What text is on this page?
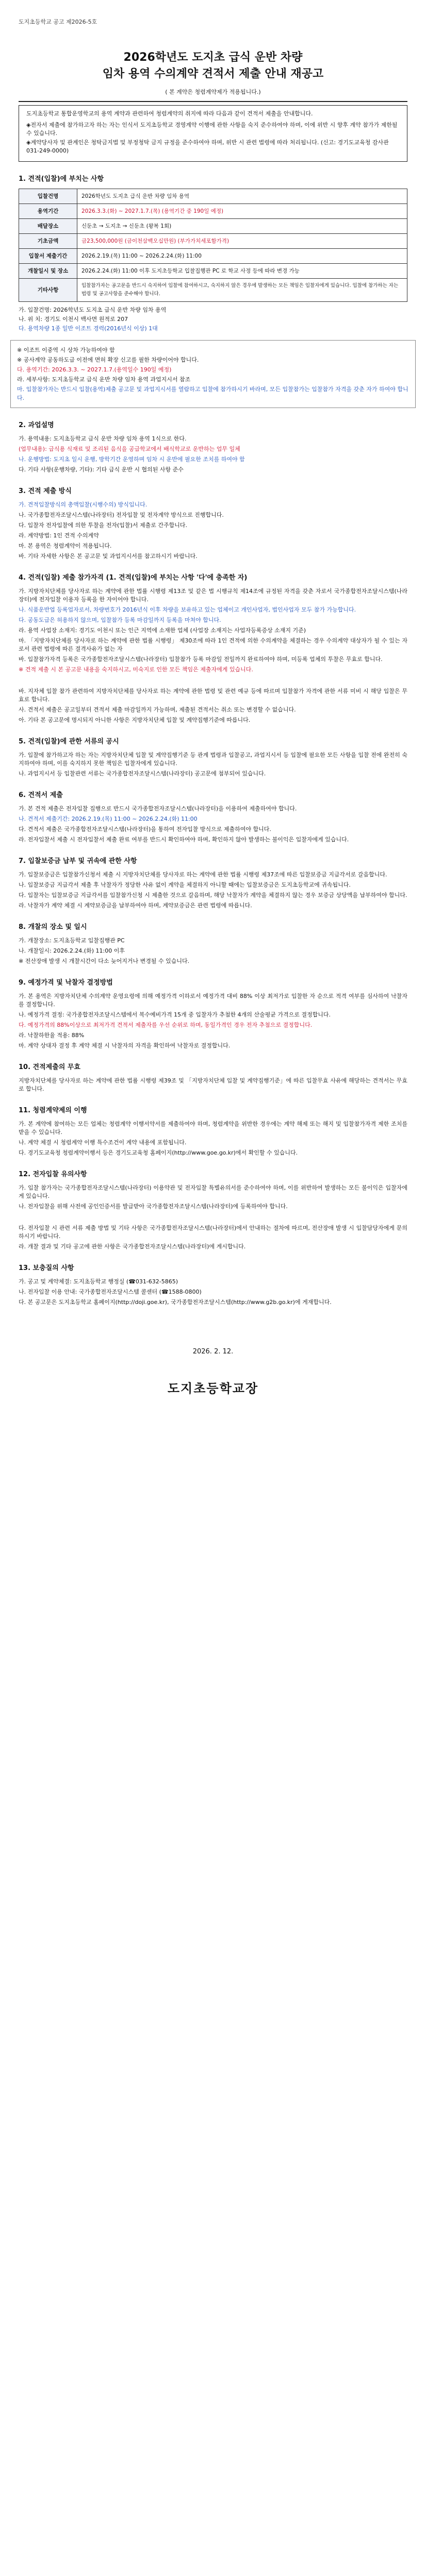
도지초등학교 공고 제2026-5호
2026학년도 도지초 급식 운반 차량
임차 용역 수의계약 견적서 제출 안내 재공고
( 본 계약은 청렴계약제가 적용됩니다.)

도지초등학교 통합운영학교의 용역 계약과 관련하여 청렴계약의 취지에 따라 다음과 같이 견적서 제출을 안내합니다.

◈전자서 제출에 참가하고자 하는 자는 인식서 도지초등학교 경영계약 이행에 관한 사항을 숙지 준수하여야 하며, 이에 위반 시 향후 계약 참가가 제한될 수 있습니다.

◈계약당사자 및 관계인은 청탁금지법 및 부정청탁 금지 규정을 준수하여야 하며, 위반 시 관련 법령에 따라 처리됩니다. (신고: 경기도교육청 감사관 031-249-0000)

1. 견적(입찰)에 부치는 사항
입찰건명	2026학년도 도지초 급식 운반 차량 임차 용역
용역기간	2026.3.3.(화) ~ 2027.1.7.(목) (용역기간 중 190일 예정)
배달장소	신둔초 → 도지초 → 신둔초 (왕복 1회)
기초금액	금23,500,000원 (금이천삼백오십만원) (부가가치세포함가격)
입찰서 제출기간	2026.2.19.(목) 11:00 ~ 2026.2.24.(화) 11:00
개찰일시 및 장소	2026.2.24.(화) 11:00 이후 도지초등학교 입찰집행관 PC 로 학교 사정 등에 따라 변경 가능
기타사항	입찰참가자는 공고문을 반드시 숙지하여 입찰에 참여하시고, 숙지하지 않은 경우에 발생하는 모든 책임은 입찰자에게 있습니다. 입찰에 참가하는 자는 법령 및 공고사항을 준수해야 합니다.

가. 입찰건명: 2026학년도 도지초 급식 운반 차량 임차 용역

나. 위 치: 경기도 이천시 백사면 원적로 207

다. 용역차량 1종 일반 이조트 경력(2016년식 이상) 1대

※ 이조트 이중역 시 상차 가능하여야 함

※ 공사계약 공동하도급 이전에 면허 확장 신고를 필한 차량이어야 합니다.

다. 용역기간: 2026.3.3. ~ 2027.1.7.(용역일수 190일 예정)

라. 세부사항: 도지초등학교 급식 운반 차량 임차 용역 과업지시서 참조

마. 입찰참가자는 반드시 입찰(용역)제출 공고문 및 과업지시서를 열람하고 입찰에 참가하시기 바라며, 모든 입찰참가는 입찰참가 자격을 갖춘 자가 하여야 합니다.

2. 과업설명

가. 용역내용: 도지초등학교 급식 운반 차량 임차 용역 1식으로 한다.

(업무내용): 급식용 식재료 및 조리된 음식을 공급학교에서 배식학교로 운반하는 업무 일체

나. 운행방법: 도지초 일시 운행, 방학기간 운영하며 임차 시 운반에 필요한 조치를 하여야 함

다. 기타 사항(운행차량, 기타): 기타 급식 운반 시 협의된 사항 준수

3. 견적 제출 방식

가. 견적입찰방식의 총액입찰(시행수의) 방식입니다.

나. 국가종합전자조달시스템(나라장터) 전자입찰 및 전자계약 방식으로 진행합니다.

다. 입찰자 전자입찰에 의한 투찰을 전자(입찰)서 제출로 간주합니다.

라. 계약방법: 1인 견적 수의계약

마. 본 용역은 청렴계약이 적용됩니다.

바. 기타 자세한 사항은 본 공고문 및 과업지시서를 참고하시기 바랍니다.

4. 견적(입찰) 제출 참가자격 (1. 견적(입찰)에 부치는 사항 '다'에 충족한 자)

가. 지방자치단체를 당사자로 하는 계약에 관한 법률 시행령 제13조 및 같은 법 시행규칙 제14조에 규정된 자격을 갖춘 자로서 국가종합전자조달시스템(나라장터)에 전자입찰 이용자 등록을 한 자이어야 합니다.

나. 식품운반업 등록업자로서, 차량번호가 2016년식 이후 차량을 보유하고 있는 업체이고 개인사업자, 법인사업자 모두 참가 가능합니다.

다. 공동도급은 허용하지 않으며, 입찰참가 등록 마감일까지 등록을 마쳐야 합니다.

라. 용역 사업장 소재지: 경기도 이천시 또는 인근 지역에 소재한 업체 (사업장 소재지는 사업자등록증상 소재지 기준)

마. 「지방자치단체를 당사자로 하는 계약에 관한 법률 시행령」 제30조에 따라 1인 견적에 의한 수의계약을 체결하는 경우 수의계약 대상자가 될 수 있는 자로서 관련 법령에 따른 결격사유가 없는 자

바. 입찰참가자격 등록은 국가종합전자조달시스템(나라장터) 입찰참가 등록 마감일 전일까지 완료하여야 하며, 미등록 업체의 투찰은 무효로 합니다.

※ 견적 제출 시 본 공고문 내용을 숙지하시고, 미숙지로 인한 모든 책임은 제출자에게 있습니다.

바. 지자체 입찰 참가 관련하여 지방자치단체를 당사자로 하는 계약에 관한 법령 및 관련 예규 등에 따르며 입찰참가 자격에 관한 서류 미비 시 해당 입찰은 무효로 합니다.

사. 견적서 제출은 공고일부터 견적서 제출 마감일까지 가능하며, 제출된 견적서는 취소 또는 변경할 수 없습니다.

아. 기타 본 공고문에 명시되지 아니한 사항은 지방자치단체 입찰 및 계약집행기준에 따릅니다.

5. 견적(입찰)에 관한 서류의 공시

가. 입찰에 참가하고자 하는 자는 지방자치단체 입찰 및 계약집행기준 등 관계 법령과 입찰공고, 과업지시서 등 입찰에 필요한 모든 사항을 입찰 전에 완전히 숙지하여야 하며, 이를 숙지하지 못한 책임은 입찰자에게 있습니다.

나. 과업지시서 등 입찰관련 서류는 국가종합전자조달시스템(나라장터) 공고문에 첨부되어 있습니다.

6. 견적서 제출

가. 본 견적 제출은 전자입찰 집행으로 반드시 국가종합전자조달시스템(나라장터)을 이용하여 제출하여야 합니다.

나. 견적서 제출기간: 2026.2.19.(목) 11:00 ~ 2026.2.24.(화) 11:00

다. 견적서 제출은 국가종합전자조달시스템(나라장터)을 통하여 전자입찰 방식으로 제출하여야 합니다.

라. 전자입찰서 제출 시 전자입찰서 제출 완료 여부를 반드시 확인하여야 하며, 확인하지 않아 발생하는 불이익은 입찰자에게 있습니다.

7. 입찰보증금 납부 및 귀속에 관한 사항

가. 입찰보증금은 입찰참가신청서 제출 시 지방자치단체를 당사자로 하는 계약에 관한 법률 시행령 제37조에 따른 입찰보증금 지급각서로 갈음합니다.

나. 입찰보증금 지급각서 제출 후 낙찰자가 정당한 사유 없이 계약을 체결하지 아니할 때에는 입찰보증금은 도지초등학교에 귀속됩니다.

다. 입찰자는 입찰보증금 지급각서를 입찰참가신청 시 제출한 것으로 갈음하며, 해당 낙찰자가 계약을 체결하지 않는 경우 보증금 상당액을 납부하여야 합니다.

라. 낙찰자가 계약 체결 시 계약보증금을 납부하여야 하며, 계약보증금은 관련 법령에 따릅니다.

8. 개찰의 장소 및 일시

가. 개찰장소: 도지초등학교 입찰집행관 PC

나. 개찰일시: 2026.2.24.(화) 11:00 이후

※ 전산장애 발생 시 개찰시간이 다소 늦어지거나 변경될 수 있습니다.

9. 예정가격 및 낙찰자 결정방법

가. 본 용역은 지방자치단체 수의계약 운영요령에 의해 예정가격 이하로서 예정가격 대비 88% 이상 최저가로 입찰한 자 순으로 적격 여부를 심사하여 낙찰자를 결정합니다.

나. 예정가격 결정: 국가종합전자조달시스템에서 복수예비가격 15개 중 입찰자가 추첨한 4개의 산술평균 가격으로 결정합니다.

다. 예정가격의 88%이상으로 최저가격 견적서 제출자를 우선 순위로 하며, 동일가격인 경우 전자 추첨으로 결정합니다.

라. 낙찰하한율 적용: 88%

마. 계약 상대자 결정 후 계약 체결 시 낙찰자의 자격을 확인하여 낙찰자로 결정합니다.

10. 견적제출의 무효

지방자치단체를 당사자로 하는 계약에 관한 법률 시행령 제39조 및 「지방자치단체 입찰 및 계약집행기준」에 따른 입찰무효 사유에 해당하는 견적서는 무효로 합니다.

11. 청렴계약제의 이행

가. 본 계약에 참여하는 모든 업체는 청렴계약 이행서약서를 제출하여야 하며, 청렴계약을 위반한 경우에는 계약 해제 또는 해지 및 입찰참가자격 제한 조치를 받을 수 있습니다.

나. 계약 체결 시 청렴계약 이행 특수조건이 계약 내용에 포함됩니다.

다. 경기도교육청 청렴계약이행서 등은 경기도교육청 홈페이지(http://www.goe.go.kr)에서 확인할 수 있습니다.

12. 전자입찰 유의사항

가. 입찰 참가자는 국가종합전자조달시스템(나라장터) 이용약관 및 전자입찰 특별유의서를 준수하여야 하며, 이를 위반하여 발생하는 모든 불이익은 입찰자에게 있습니다.

나. 전자입찰을 위해 사전에 공인인증서를 발급받아 국가종합전자조달시스템(나라장터)에 등록하여야 합니다.

다. 전자입찰 시 관련 서류 제출 방법 및 기타 사항은 국가종합전자조달시스템(나라장터)에서 안내하는 절차에 따르며, 전산장애 발생 시 입찰담당자에게 문의하시기 바랍니다.

라. 개찰 결과 및 기타 공고에 관한 사항은 국가종합전자조달시스템(나라장터)에 게시합니다.

13. 보충질의 사항

가. 공고 및 계약체결: 도지초등학교 행정실 (☎031-632-5865)

나. 전자입찰 이용 안내: 국가종합전자조달시스템 콜센터 (☎1588-0800)

다. 본 공고문은 도지초등학교 홈페이지(http://doji.goe.kr), 국가종합전자조달시스템(http://www.g2b.go.kr)에 게재합니다.

2026. 2. 12.
도지초등학교장
